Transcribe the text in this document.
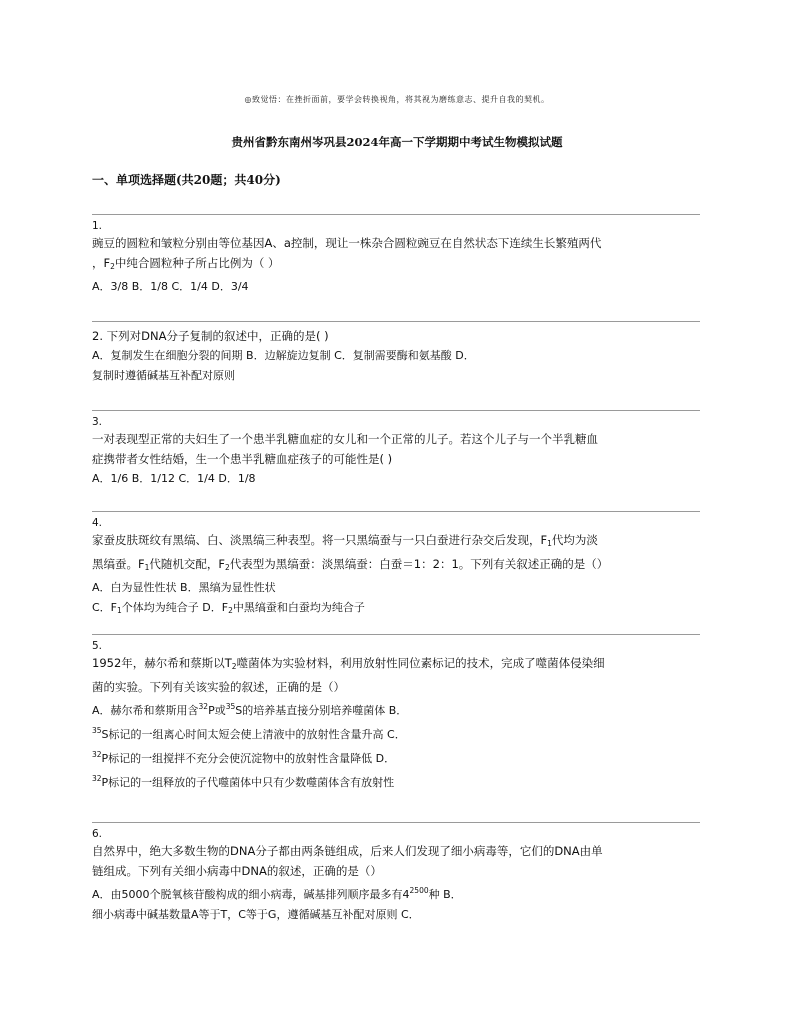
◎致觉悟：在挫折面前，要学会转换视角，将其视为磨练意志、提升自我的契机。
贵州省黔东南州岑巩县2024年高一下学期期中考试生物模拟试题
一、单项选择题(共20题；共40分)
1.
豌豆的圆粒和皱粒分别由等位基因A、a控制，现让一株杂合圆粒豌豆在自然状态下连续生长繁殖两代
，$F_2$中纯合圆粒种子所占比例为（ ）
A．3/8 B．1/8 C．1/4 D．3/4
2. 下列对DNA分子复制的叙述中，正确的是( )
A．复制发生在细胞分裂的间期 B．边解旋边复制 C．复制需要酶和氨基酸 D．
复制时遵循碱基互补配对原则
3.
一对表现型正常的夫妇生了一个患半乳糖血症的女儿和一个正常的儿子。若这个儿子与一个半乳糖血
症携带者女性结婚，生一个患半乳糖血症孩子的可能性是( )
A．1/6 B．1/12 C．1/4 D．1/8
4.
家蚕皮肤斑纹有黑缟、白、淡黑缟三种表型。将一只黑缟蚕与一只白蚕进行杂交后发现，$F_1$代均为淡
黑缟蚕。$F_1$代随机交配，$F_2$代表型为黑缟蚕：淡黑缟蚕：白蚕＝1：2：1。下列有关叙述正确的是（）
A．白为显性性状 B．黑缟为显性性状
C．$F_1$个体均为纯合子 D．$F_2$中黑缟蚕和白蚕均为纯合子
5.
1952年，赫尔希和蔡斯以$T_2$噬菌体为实验材料，利用放射性同位素标记的技术，完成了噬菌体侵染细
菌的实验。下列有关该实验的叙述，正确的是（）
A．赫尔希和蔡斯用含$^{32}$P或$^{35}$S的培养基直接分别培养噬菌体 B．
$^{35}$S标记的一组离心时间太短会使上清液中的放射性含量升高 C．
$^{32}$P标记的一组搅拌不充分会使沉淀物中的放射性含量降低 D．
$^{32}$P标记的一组释放的子代噬菌体中只有少数噬菌体含有放射性
6.
自然界中，绝大多数生物的DNA分子都由两条链组成，后来人们发现了细小病毒等，它们的DNA由单
链组成。下列有关细小病毒中DNA的叙述，正确的是（）
A．由5000个脱氧核苷酸构成的细小病毒，碱基排列顺序最多有$4^{2500}$种 B．
细小病毒中碱基数量A等于T，C等于G，遵循碱基互补配对原则 C．
